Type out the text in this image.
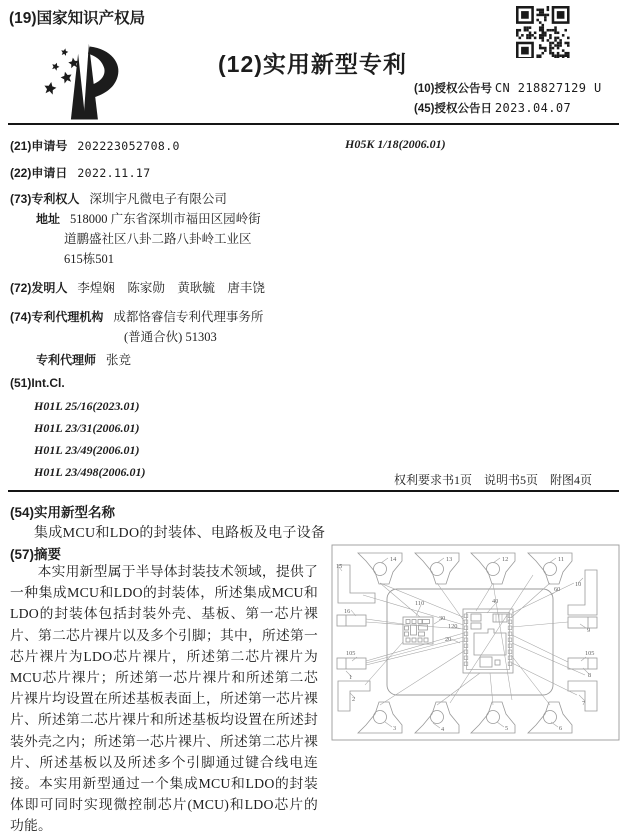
(19)国家知识产权局
(12)实用新型专利
(10)授权公告号 CN 218827129 U
(45)授权公告日 2023.04.07
(21)申请号 202223052708.0	H05K 1/18(2006.01)
(22)申请日 2022.11.17
(73)专利权人 深圳宇凡微电子有限公司
地址 518000 广东省深圳市福田区园岭街
道鹏盛社区八卦二路八卦岭工业区
615栋501
(72)发明人 李煌娴　陈家勋　黄耿毓　唐丰饶
(74)专利代理机构 成都恪睿信专利代理事务所
(普通合伙) 51303
专利代理师 张竞
(51)Int.Cl.
H01L 25/16(2023.01)
H01L 23/31(2006.01)
H01L 23/49(2006.01)
H01L 23/498(2006.01)
权利要求书1页　说明书5页　附图4页
(54)实用新型名称
集成MCU和LDO的封装体、电路板及电子设备
(57)摘要
本实用新型属于半导体封装技术领域，提供了一种集成MCU和LDO的封装体，所述集成MCU和LDO的封装体包括封装外壳、基板、第一芯片裸片、第二芯片裸片以及多个引脚；其中，所述第一芯片裸片为LDO芯片裸片，所述第二芯片裸片为MCU芯片裸片；所述第一芯片裸片和所述第二芯片裸片均设置在所述基板表面上，所述第一芯片裸片、所述第二芯片裸片和所述基板均设置在所述封装外壳之内；所述第一芯片裸片、所述第二芯片裸片、所述基板以及所述多个引脚通过键合线电连接。本实用新型通过一个集成MCU和LDO的封装体即可同时实现微控制芯片(MCU)和LDO芯片的功能。
15
14	13	12	11
10
60
16
110
30
40
120
20
9
105	105
8
1
2
7
3	4	5	6
